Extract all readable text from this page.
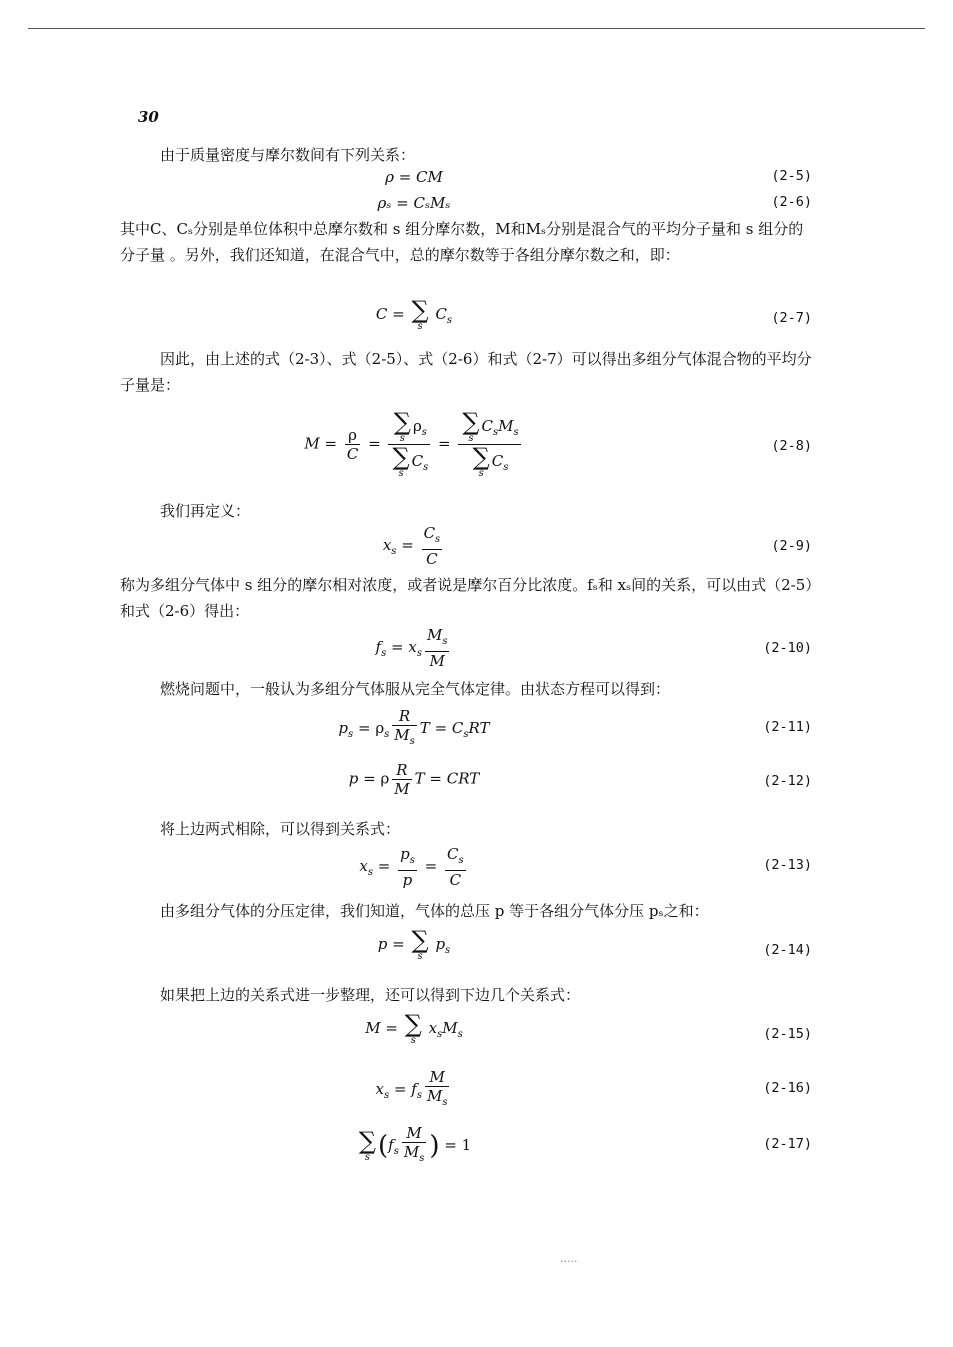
30
由于质量密度与摩尔数间有下列关系：
ρ = CM	(2-5)
ρₛ = CₛMₛ	(2-6)
其中C、Cₛ分别是单位体积中总摩尔数和 s 组分摩尔数，M和Mₛ分别是混合气的平均分子量和 s 组分的分子量 。另外，我们还知道，在混合气中，总的摩尔数等于各组分摩尔数之和，即：
C = ∑
s
$C_s$	(2-7)
因此，由上述的式（2-3）、式（2-5）、式（2-6）和式（2-7）可以得出多组分气体混合物的平均分子量是：
$M = \frac{\rho}{C}$ = ∑
s
$\rho_s$
∑
s
$C_s$ = ∑
s
$C_sM_s$
∑
s
$C_s$	(2-8)
我们再定义：
$x_s = \frac{C_s}{C}$	(2-9)
称为多组分气体中 s 组分的摩尔相对浓度，或者说是摩尔百分比浓度。fₛ和 xₛ间的关系，可以由式（2-5）和式（2-6）得出：
$f_s = x_s \frac{M_s}{M}$	(2-10)
燃烧问题中，一般认为多组分气体服从完全气体定律。由状态方程可以得到：
$p_s = \rho_s \frac{R}{M_s}$ $T = C_sRT$	(2-11)
p = ρ $\frac{R}{M}$ T = CRT	(2-12)
将上边两式相除，可以得到关系式：
$x_s = \frac{p_s}{p} = \frac{C_s}{C}$	(2-13)
由多组分气体的分压定律，我们知道，气体的总压 p 等于各组分气体分压 pₛ之和：
p = ∑
s
$p_s$	(2-14)
如果把上边的关系式进一步整理，还可以得到下边几个关系式：
M = ∑
s
$x_sM_s$	(2-15)
$x_s = f_s \frac{M}{M_s}$	(2-16)
∑
s ($f_s \frac{M}{M_s}$ ) = 1	(2-17)
·····
